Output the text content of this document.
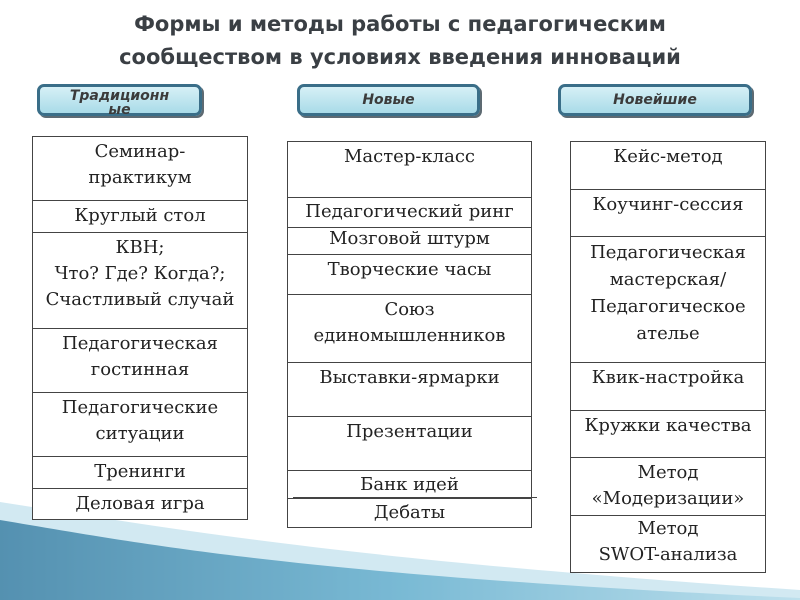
Формы и методы работы с педагогическим
сообществом в условиях введения инноваций
Традиционные
Новые	Новейшие
Семинар-
практикум
Круглый стол
КВН;
Что? Где? Когда?;
Счастливый случай
Педагогическая
гостинная
Педагогические
ситуации
Тренинги
Деловая игра
Мастер-класс
Педагогический ринг
Мозговой штурм
Творческие часы
Союз
единомышленников
Выставки-ярмарки
Презентации
Банк идей
Дебаты
Кейс-метод
Коучинг-сессия
Педагогическая
мастерская/
Педагогическое
ателье
Квик-настройка
Кружки качества
Метод
«Модеризации»
Метод
SWOT-анализа
